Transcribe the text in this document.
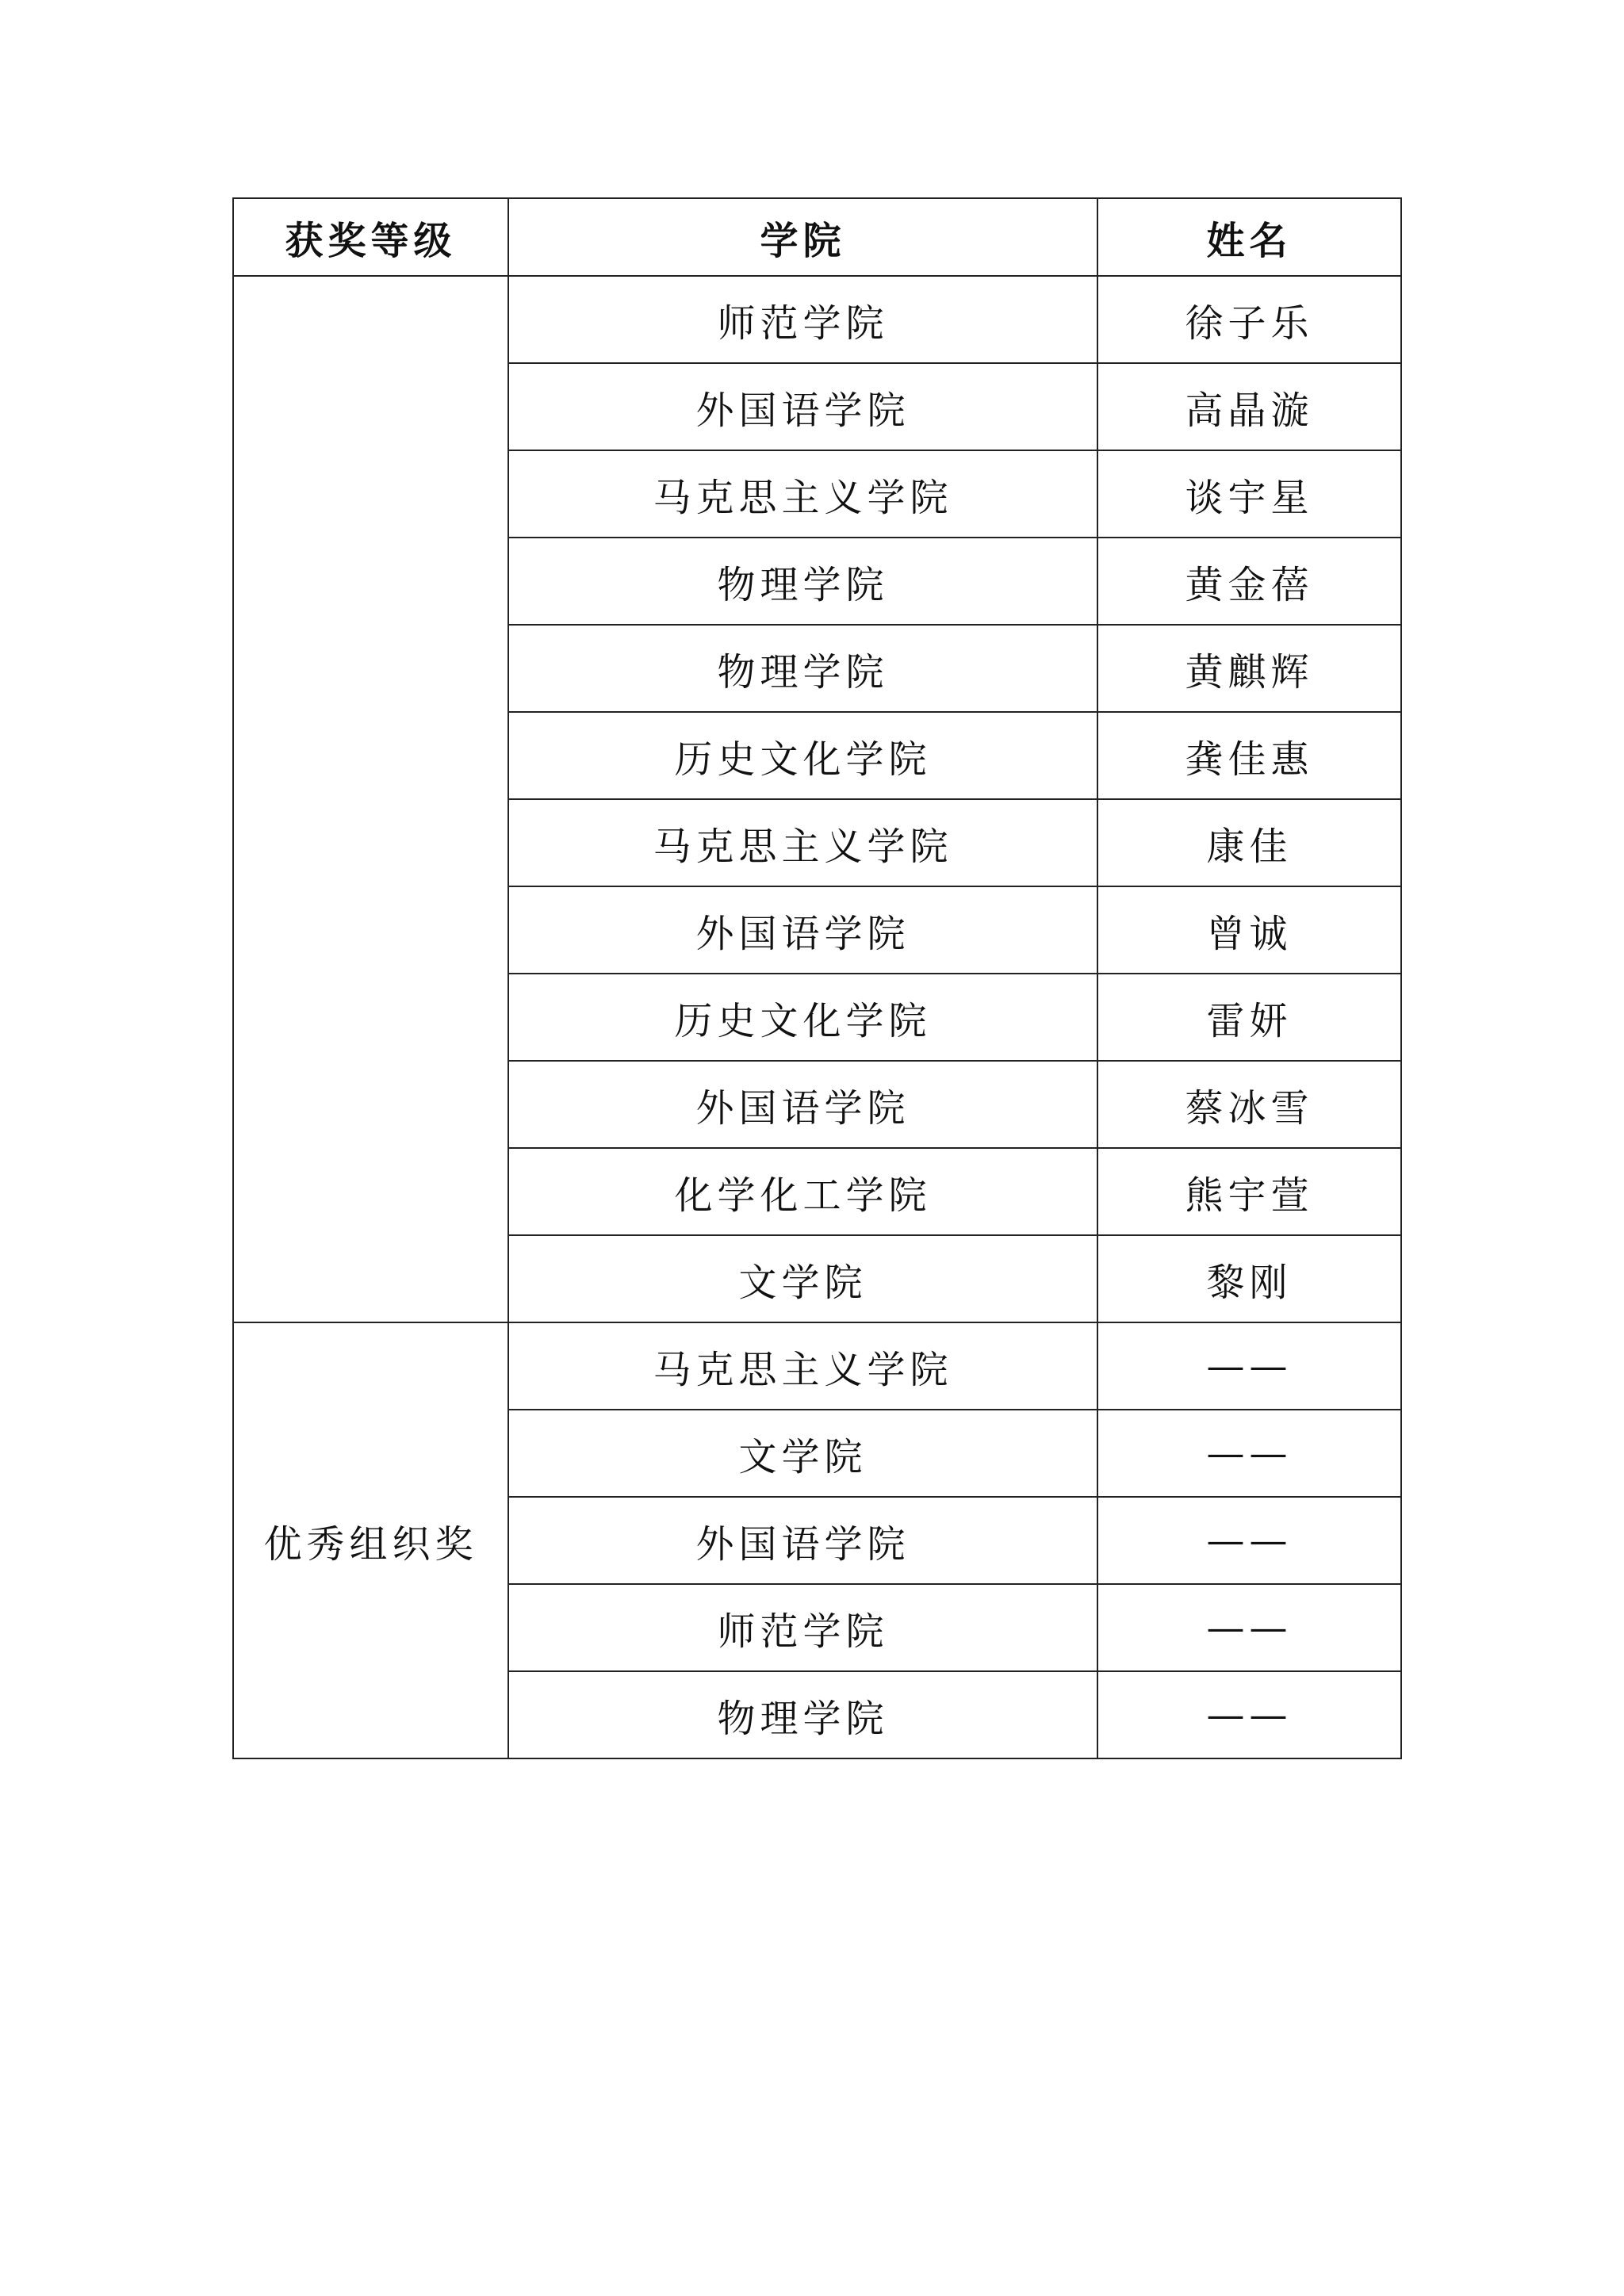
获奖等级	学院	姓名
	师范学院	徐子乐
	外国语学院	高晶漩
	马克思主义学院	谈宇星
	物理学院	黄金蓓
	物理学院	黄麒辉
	历史文化学院	龚佳惠
	马克思主义学院	康佳
	外国语学院	曾诚
	历史文化学院	雷妍
	外国语学院	蔡冰雪
	化学化工学院	熊宇萱
	文学院	黎刚
优秀组织奖	马克思主义学院	——
	文学院	——
	外国语学院	——
	师范学院	——
	物理学院	——
